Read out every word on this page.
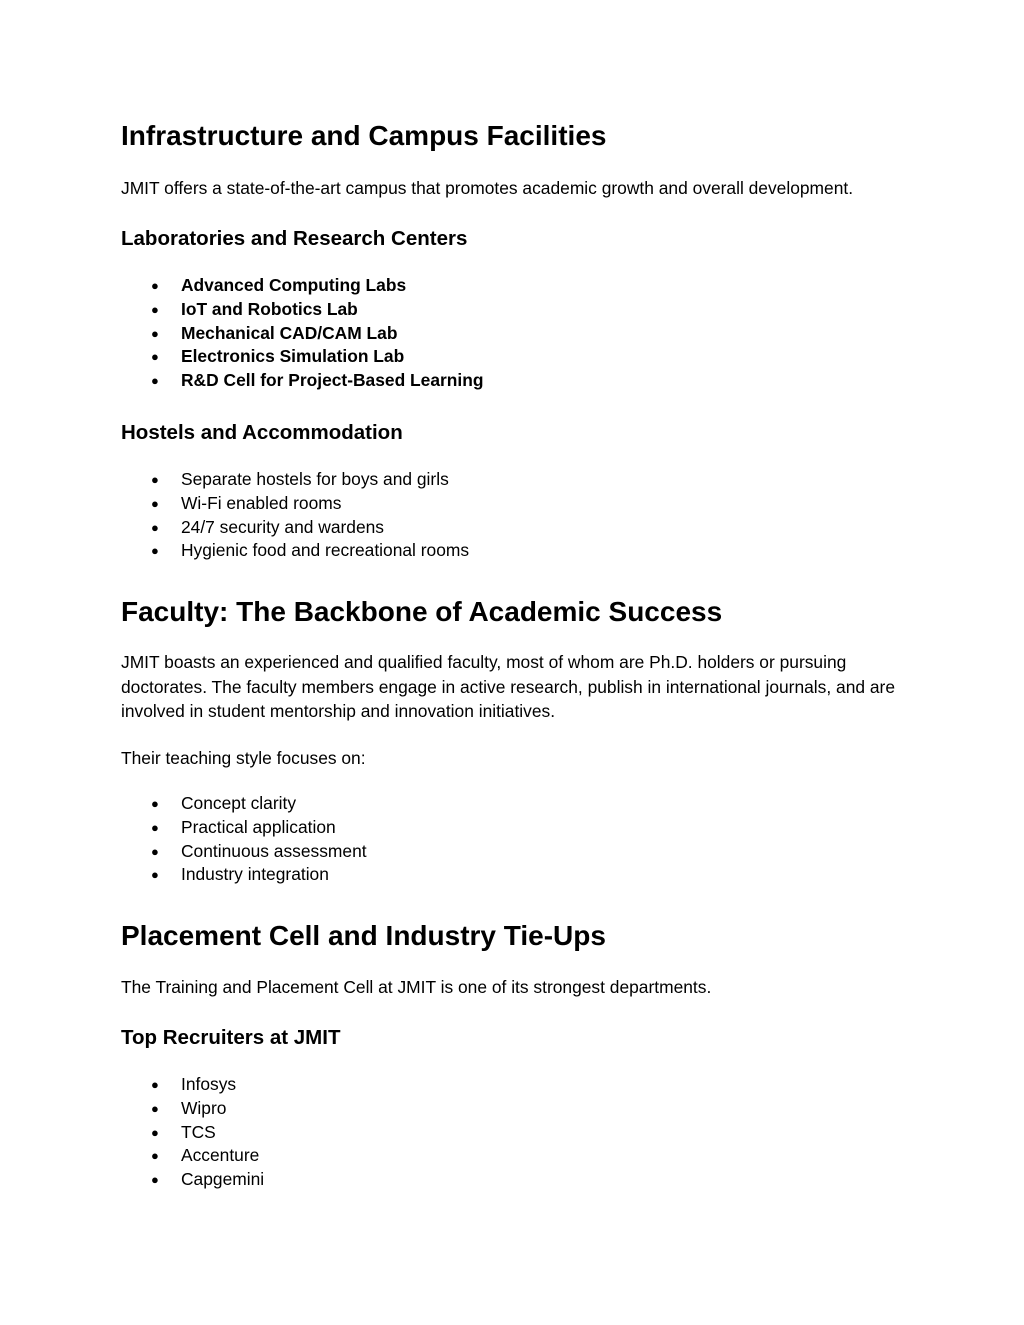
Infrastructure and Campus Facilities

JMIT offers a state-of-the-art campus that promotes academic growth and overall development.

Laboratories and Research Centers
● Advanced Computing Labs
● IoT and Robotics Lab
● Mechanical CAD/CAM Lab
● Electronics Simulation Lab
● R&D Cell for Project-Based Learning
Hostels and Accommodation
● Separate hostels for boys and girls
● Wi-Fi enabled rooms
● 24/7 security and wardens
● Hygienic food and recreational rooms
Faculty: The Backbone of Academic Success

JMIT boasts an experienced and qualified faculty, most of whom are Ph.D. holders or pursuing doctorates. The faculty members engage in active research, publish in international journals, and are involved in student mentorship and innovation initiatives.

Their teaching style focuses on:

● Concept clarity
● Practical application
● Continuous assessment
● Industry integration
Placement Cell and Industry Tie-Ups

The Training and Placement Cell at JMIT is one of its strongest departments.

Top Recruiters at JMIT
● Infosys
● Wipro
● TCS
● Accenture
● Capgemini
